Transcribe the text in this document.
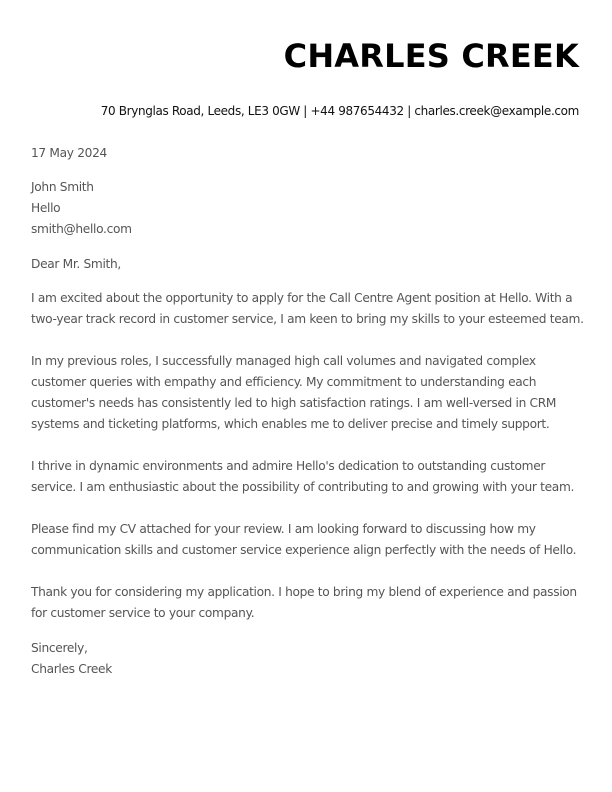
CHARLES CREEK
70 Brynglas Road, Leeds, LE3 0GW | +44 987654432 | charles.creek@example.com

17 May 2024

John Smith
Hello
smith@hello.com

Dear Mr. Smith,

I am excited about the opportunity to apply for the Call Centre Agent position at Hello. With a
two-year track record in customer service, I am keen to bring my skills to your esteemed team.

In my previous roles, I successfully managed high call volumes and navigated complex
customer queries with empathy and efficiency. My commitment to understanding each
customer's needs has consistently led to high satisfaction ratings. I am well-versed in CRM
systems and ticketing platforms, which enables me to deliver precise and timely support.

I thrive in dynamic environments and admire Hello's dedication to outstanding customer
service. I am enthusiastic about the possibility of contributing to and growing with your team.

Please find my CV attached for your review. I am looking forward to discussing how my
communication skills and customer service experience align perfectly with the needs of Hello.

Thank you for considering my application. I hope to bring my blend of experience and passion
for customer service to your company.

Sincerely,
Charles Creek
